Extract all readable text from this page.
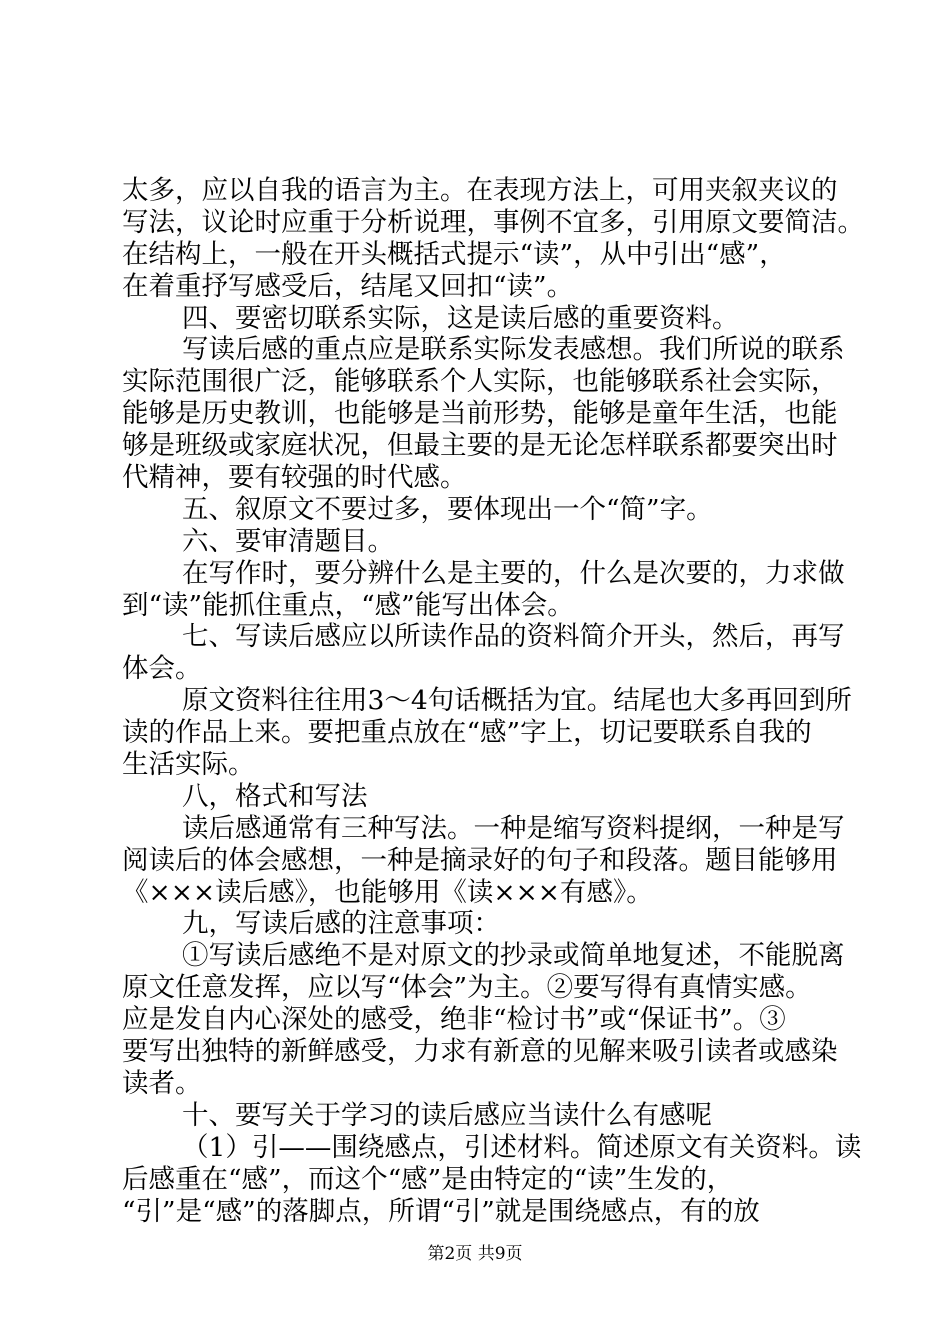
太多，应以自我的语言为主。在表现方法上，可用夹叙夹议的
写法，议论时应重于分析说理，事例不宜多，引用原文要简洁。
在结构上，一般在开头概括式提示“读”，从中引出“感”，
在着重抒写感受后，结尾又回扣“读”。
四、要密切联系实际，这是读后感的重要资料。
写读后感的重点应是联系实际发表感想。我们所说的联系
实际范围很广泛，能够联系个人实际，也能够联系社会实际，
能够是历史教训，也能够是当前形势，能够是童年生活，也能
够是班级或家庭状况，但最主要的是无论怎样联系都要突出时
代精神，要有较强的时代感。
五、叙原文不要过多，要体现出一个“简”字。
六、要审清题目。
在写作时，要分辨什么是主要的，什么是次要的，力求做
到“读”能抓住重点，“感”能写出体会。
七、写读后感应以所读作品的资料简介开头，然后，再写
体会。
原文资料往往用3～4句话概括为宜。结尾也大多再回到所
读的作品上来。要把重点放在“感”字上，切记要联系自我的
生活实际。
八，格式和写法
读后感通常有三种写法。一种是缩写资料提纲，一种是写
阅读后的体会感想，一种是摘录好的句子和段落。题目能够用
《×××读后感》，也能够用《读×××有感》。
九，写读后感的注意事项：
①写读后感绝不是对原文的抄录或简单地复述，不能脱离
原文任意发挥，应以写“体会”为主。②要写得有真情实感。
应是发自内心深处的感受，绝非“检讨书”或“保证书”。③
要写出独特的新鲜感受，力求有新意的见解来吸引读者或感染
读者。
十、要写关于学习的读后感应当读什么有感呢
（1）引——围绕感点，引述材料。简述原文有关资料。读
后感重在“感”，而这个“感”是由特定的“读”生发的，
“引”是“感”的落脚点，所谓“引”就是围绕感点，有的放
第2页 共9页
